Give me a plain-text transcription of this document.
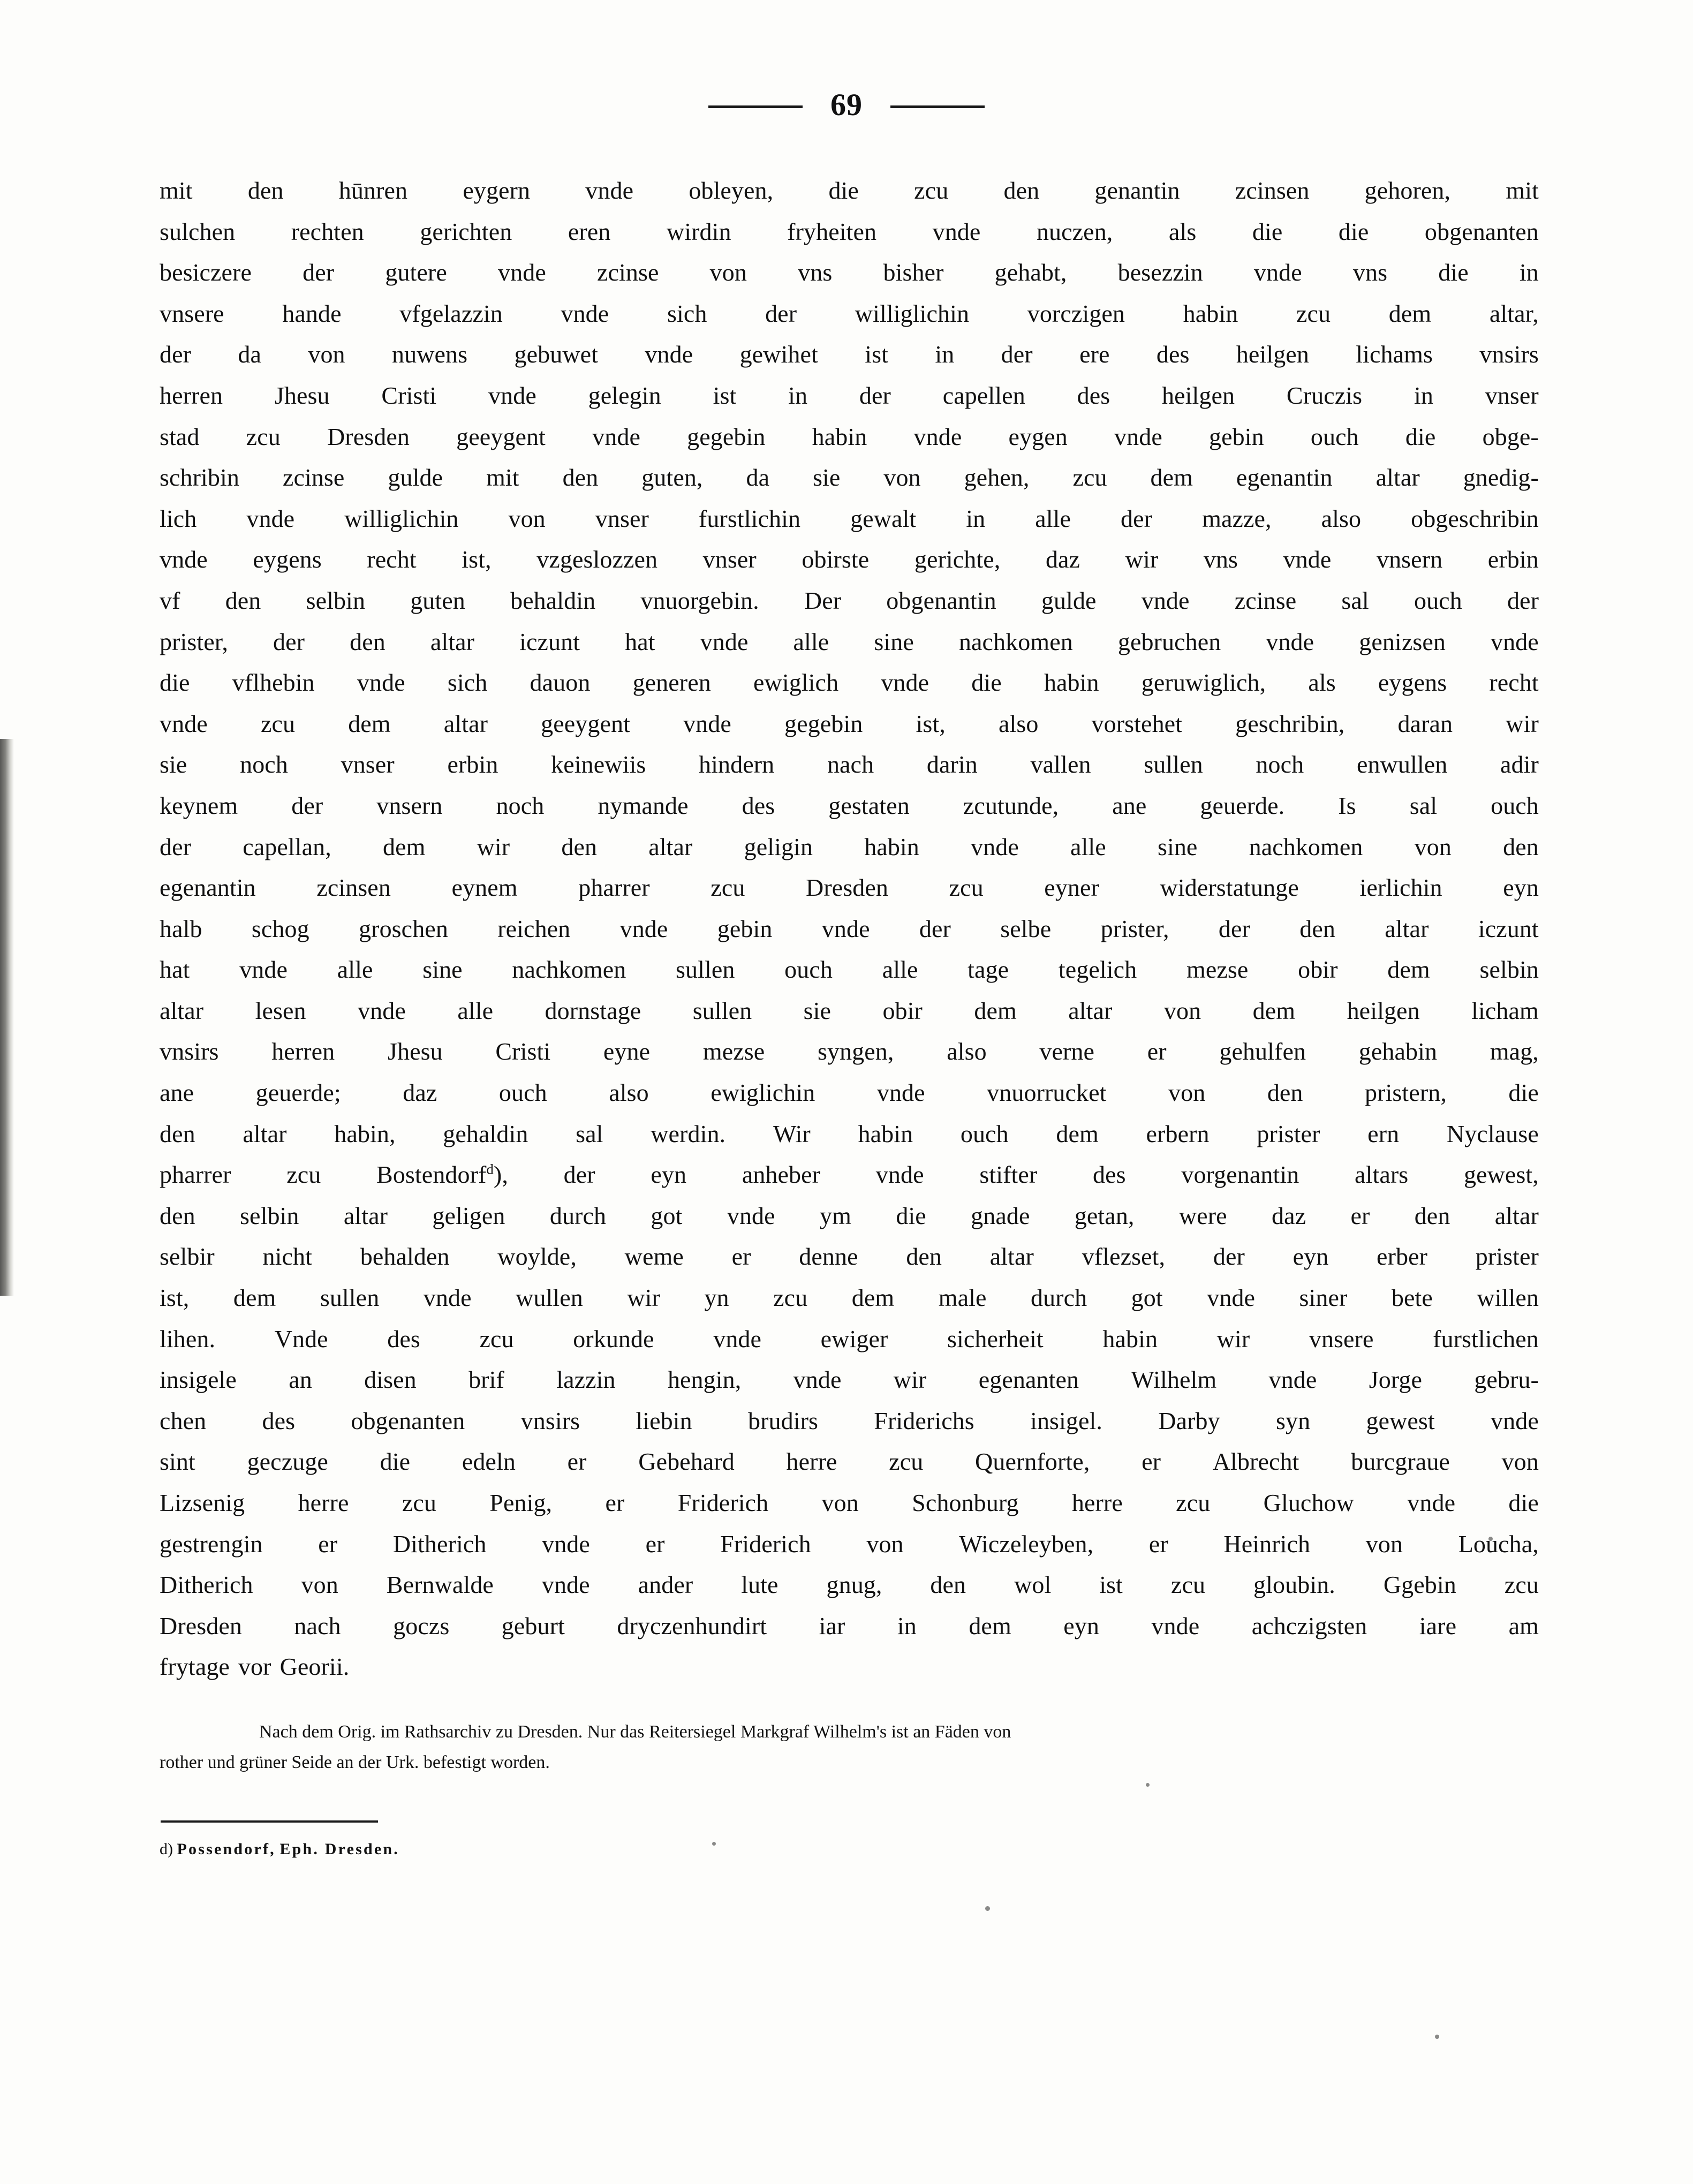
69
mit den hūnren eygern vnde obleyen, die zcu den genantin zcinsen gehoren, mit
sulchen rechten gerichten eren wirdin fryheiten vnde nuczen, als die die obgenanten
besiczere der gutere vnde zcinse von vns bisher gehabt, besezzin vnde vns die in
vnsere hande vfgelazzin vnde sich der williglichin vorczigen habin zcu dem altar,
der da von nuwens gebuwet vnde gewihet ist in der ere des heilgen lichams vnsirs
herren Jhesu Cristi vnde gelegin ist in der capellen des heilgen Cruczis in vnser
stad zcu Dresden geeygent vnde gegebin habin vnde eygen vnde gebin ouch die obge-
schribin zcinse gulde mit den guten, da sie von gehen, zcu dem egenantin altar gnedig-
lich vnde williglichin von vnser furstlichin gewalt in alle der mazze, also obgeschribin
vnde eygens recht ist, vzgeslozzen vnser obirste gerichte, daz wir vns vnde vnsern erbin
vf den selbin guten behaldin vnuorgebin. Der obgenantin gulde vnde zcinse sal ouch der
prister, der den altar iczunt hat vnde alle sine nachkomen gebruchen vnde genizsen vnde
die vflhebin vnde sich dauon generen ewiglich vnde die habin geruwiglich, als eygens recht
vnde zcu dem altar geeygent vnde gegebin ist, also vorstehet geschribin, daran wir
sie noch vnser erbin keinewiis hindern nach darin vallen sullen noch enwullen adir
keynem der vnsern noch nymande des gestaten zcutunde, ane geuerde. Is sal ouch
der capellan, dem wir den altar geligin habin vnde alle sine nachkomen von den
egenantin zcinsen eynem pharrer zcu Dresden zcu eyner widerstatunge ierlichin eyn
halb schog groschen reichen vnde gebin vnde der selbe prister, der den altar iczunt
hat vnde alle sine nachkomen sullen ouch alle tage tegelich mezse obir dem selbin
altar lesen vnde alle dornstage sullen sie obir dem altar von dem heilgen licham
vnsirs herren Jhesu Cristi eyne mezse syngen, also verne er gehulfen gehabin mag,
ane	geuerde;	daz	ouch	also	ewiglichin	vnde	vnuorrucket	von	den	pristern,	die
den altar habin, gehaldin sal werdin. Wir habin ouch dem erbern prister ern Nyclause
pharrer zcu Bostendorf$^d$), der eyn anheber vnde stifter des vorgenantin altars gewest,
den selbin altar geligen durch got vnde ym die gnade getan, were daz er den altar
selbir nicht behalden woylde, weme er denne den altar vflezset, der eyn erber prister
ist, dem sullen vnde wullen wir yn zcu dem male durch got vnde siner bete willen
lihen. Vnde des zcu orkunde vnde ewiger sicherheit habin wir vnsere furstlichen
insigele an disen brif lazzin hengin, vnde wir egenanten Wilhelm vnde Jorge gebru-
chen des obgenanten vnsirs liebin brudirs Friderichs insigel. Darby syn gewest vnde
sint geczuge die edeln er Gebehard herre zcu Quernforte, er Albrecht burcgraue von
Lizsenig herre zcu Penig, er Friderich von Schonburg herre zcu Gluchow vnde die
gestrengin er Ditherich vnde er Friderich von Wiczeleyben, er Heinrich von Loucha,
Ditherich von Bernwalde vnde ander lute gnug, den wol ist zcu gloubin. Ggebin zcu
Dresden nach goczs geburt dryczenhundirt iar in dem eyn vnde achczigsten iare am
frytage vor Georii.
Nach dem Orig. im Rathsarchiv zu Dresden. Nur das Reitersiegel Markgraf Wilhelm's ist an Fäden von
rother und grüner Seide an der Urk. befestigt worden.
d) Possendorf, Eph. Dresden.
